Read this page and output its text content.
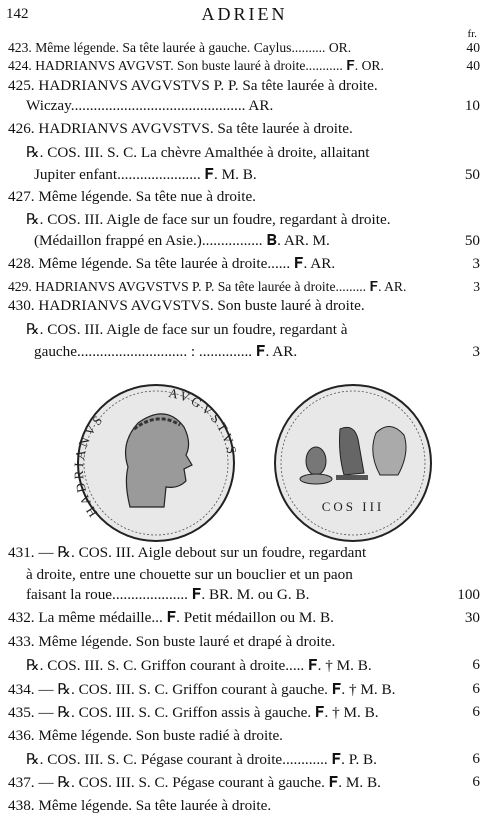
142	ADRIEN
fr.
423. Même légende. Sa tête laurée à gauche. Caylus.......... OR.	40
424. HADRIANVS AVGVST. Son buste lauré à droite........... 𝐅. OR.	40
425. HADRIANVS AVGVSTVS P. P. Sa tête laurée à droite.
Wiczay.............................................. AR.	10
426. HADRIANVS AVGVSTVS. Sa tête laurée à droite.
℞. COS. III. S. C. La chèvre Amalthée à droite, allaitant
Jupiter enfant...................... 𝐅. M. B.	50
427. Même légende. Sa tête nue à droite.
℞. COS. III. Aigle de face sur un foudre, regardant à droite.
(Médaillon frappé en Asie.)................ 𝐁. AR. M.	50
428. Même légende. Sa tête laurée à droite...... 𝐅. AR.	3
429. HADRIANVS AVGVSTVS P. P. Sa tête laurée à droite......... 𝐅. AR.	3
430. HADRIANVS AVGVSTVS. Son buste lauré à droite.
℞. COS. III. Aigle de face sur un foudre, regardant à
gauche............................. : .............. 𝐅. AR.	3
431. — ℞. COS. III. Aigle debout sur un foudre, regardant
à droite, entre une chouette sur un bouclier et un paon
faisant la roue.................... 𝐅. BR. M. ou G. B.	100
432. La même médaille... 𝐅. Petit médaillon ou M. B.	30
433. Même légende. Son buste lauré et drapé à droite.
℞. COS. III. S. C. Griffon courant à droite..... 𝐅. † M. B.	6
434. — ℞. COS. III. S. C. Griffon courant à gauche. 𝐅. † M. B.	6
435. — ℞. COS. III. S. C. Griffon assis à gauche. 𝐅. † M. B.	6
436. Même légende. Son buste radié à droite.
℞. COS. III. S. C. Pégase courant à droite............ 𝐅. P. B.	6
437. — ℞. COS. III. S. C. Pégase courant à gauche. 𝐅. M. B.	6
438. Même légende. Sa tête laurée à droite.
HADRIANVS
AVGVSTVS
COS III
